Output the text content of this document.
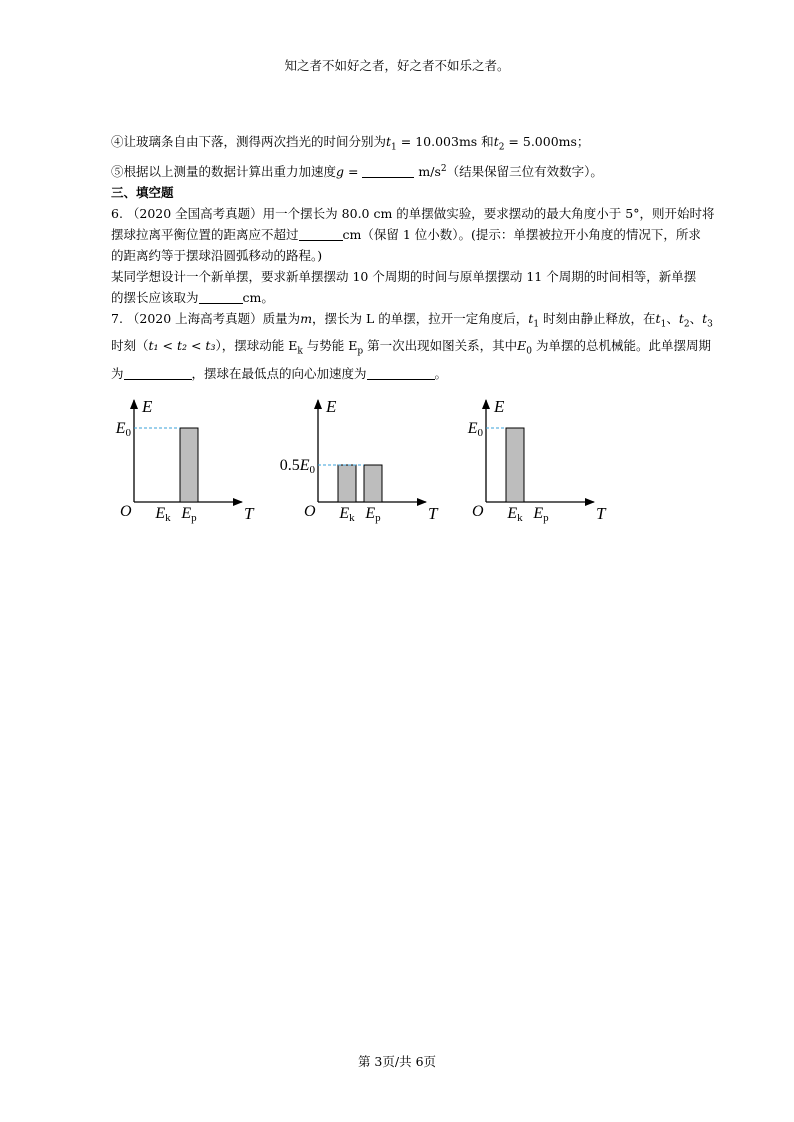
知之者不如好之者，好之者不如乐之者。
④让玻璃条自由下落，测得两次挡光的时间分别为$t_1 = 10.003ms$ 和$t_2 = 5.000ms$；
⑤根据以上测量的数据计算出重力加速度g =	$m/s^2$（结果保留三位有效数字）。
三、填空题
6. （2020 全国高考真题）用一个摆长为 80.0 cm 的单摆做实验，要求摆动的最大角度小于 5°，则开始时将
摆球拉离平衡位置的距离应不超过	cm（保留 1 位小数）。(提示：单摆被拉开小角度的情况下，所求
的距离约等于摆球沿圆弧移动的路程。)
某同学想设计一个新单摆，要求新单摆摆动 10 个周期的时间与原单摆摆动 11 个周期的时间相等，新单摆
的摆长应该取为	cm。
7. （2020 上海高考真题）质量为m，摆长为 L 的单摆，拉开一定角度后，$t_1$ 时刻由静止释放，在$t_1$、$t_2$、$t_3$
时刻（t₁ < t₂ < t₃），摆球动能 $E_k$ 与势能 $E_p$ 第一次出现如图关系，其中$E_0$ 为单摆的总机械能。此单摆周期
为	，摆球在最低点的向心加速度为	。
E
T
O
E0
Ek Ep
E
T
O
0.5E0
Ek Ep
E
T
O
E0
Ek Ep
第 3页/共 6页
